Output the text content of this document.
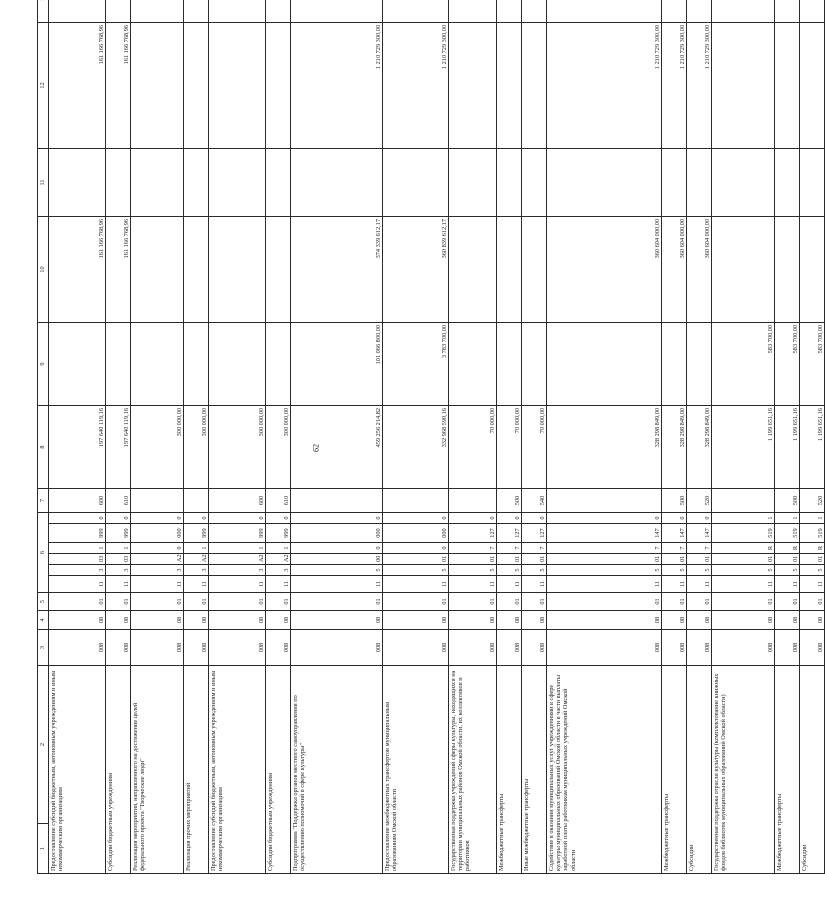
62
1	2	3	4	5	6						7	8	9	10	11	12	
Предоставление субсидий бюджетным, автономным учреждениям и иным некоммерческим организациям		008	08	01	11	3	03	1	999	0	600	197 640 119,16		161 166 768,96		161 166 768,96	
Субсидии бюджетным учреждениям		008	08	01	11	3	03	1	999	0	610	197 640 119,16		161 166 768,96		161 166 768,96	
Реализация мероприятия, направленного на достижение целей федерального проекта "Творческие люди"		008	08	01	11	3	A2	0	000	0		300 000,00					
Реализация прочих мероприятий		008	08	01	11	3	A2	1	999	0		300 000,00					
Предоставление субсидий бюджетным, автономным учреждениям и иным некоммерческим организациям		008	08	01	11	3	A2	1	999	0	600	300 000,00					
Субсидии бюджетным учреждениям		008	08	01	11	3	A2	1	999	0	610	300 000,00					
Подпрограмма "Поддержка органов местного самоуправления по осуществлению полномочий в сфере культуры"		008	08	01	11	5	00	0	000	0		459 256 214,82	101 066 800,00	374 339 612,17		1 210 729 300,00	
Предоставление межбюджетных трансфертов муниципальным образованиям Омской области		008	08	01	11	5	01	0	000	0		332 968 590,16	3 783 700,00	360 839 612,17		1 210 729 300,00	
Государственная поддержка учреждений сферы культуры, находящихся на территории муниципальных районов Омской области, их коллективов и работников		008	08	01	11	5	01	7	127	0		70 000,00					
Межбюджетные трансферты		008	08	01	11	5	01	7	127	0	500	70 000,00					
Иные межбюджетные трансферты		008	08	01	11	5	01	7	127	0	540	70 000,00					
Содействие в оказании муниципальных услуг учреждениями в сфере культуры муниципальных образований Омской области в части выплаты заработной платы работникам муниципальных учреждений Омской области		008	08	01	11	5	01	7	147	0		328 298 849,00		360 604 000,00		1 210 729 300,00	
Межбюджетные трансферты		008	08	01	11	5	01	7	147	0	500	328 298 849,00		360 604 000,00		1 210 729 300,00	
Субсидии		008	08	01	11	5	01	7	147	0	520	328 298 849,00		360 604 000,00		1 210 729 300,00	
Государственная поддержка отрасли культуры (комплектование книжных фондов библиотек муниципальных образований Омской области)		008	08	01	11	5	01	R	519	1		1 199 651,16	583 700,00				
Межбюджетные трансферты		008	08	01	11	5	01	R	519	1	500	1 199 651,16	583 700,00				
Субсидии		008	08	01	11	5	01	R	519	1	520	1 199 651,16	583 700,00				
